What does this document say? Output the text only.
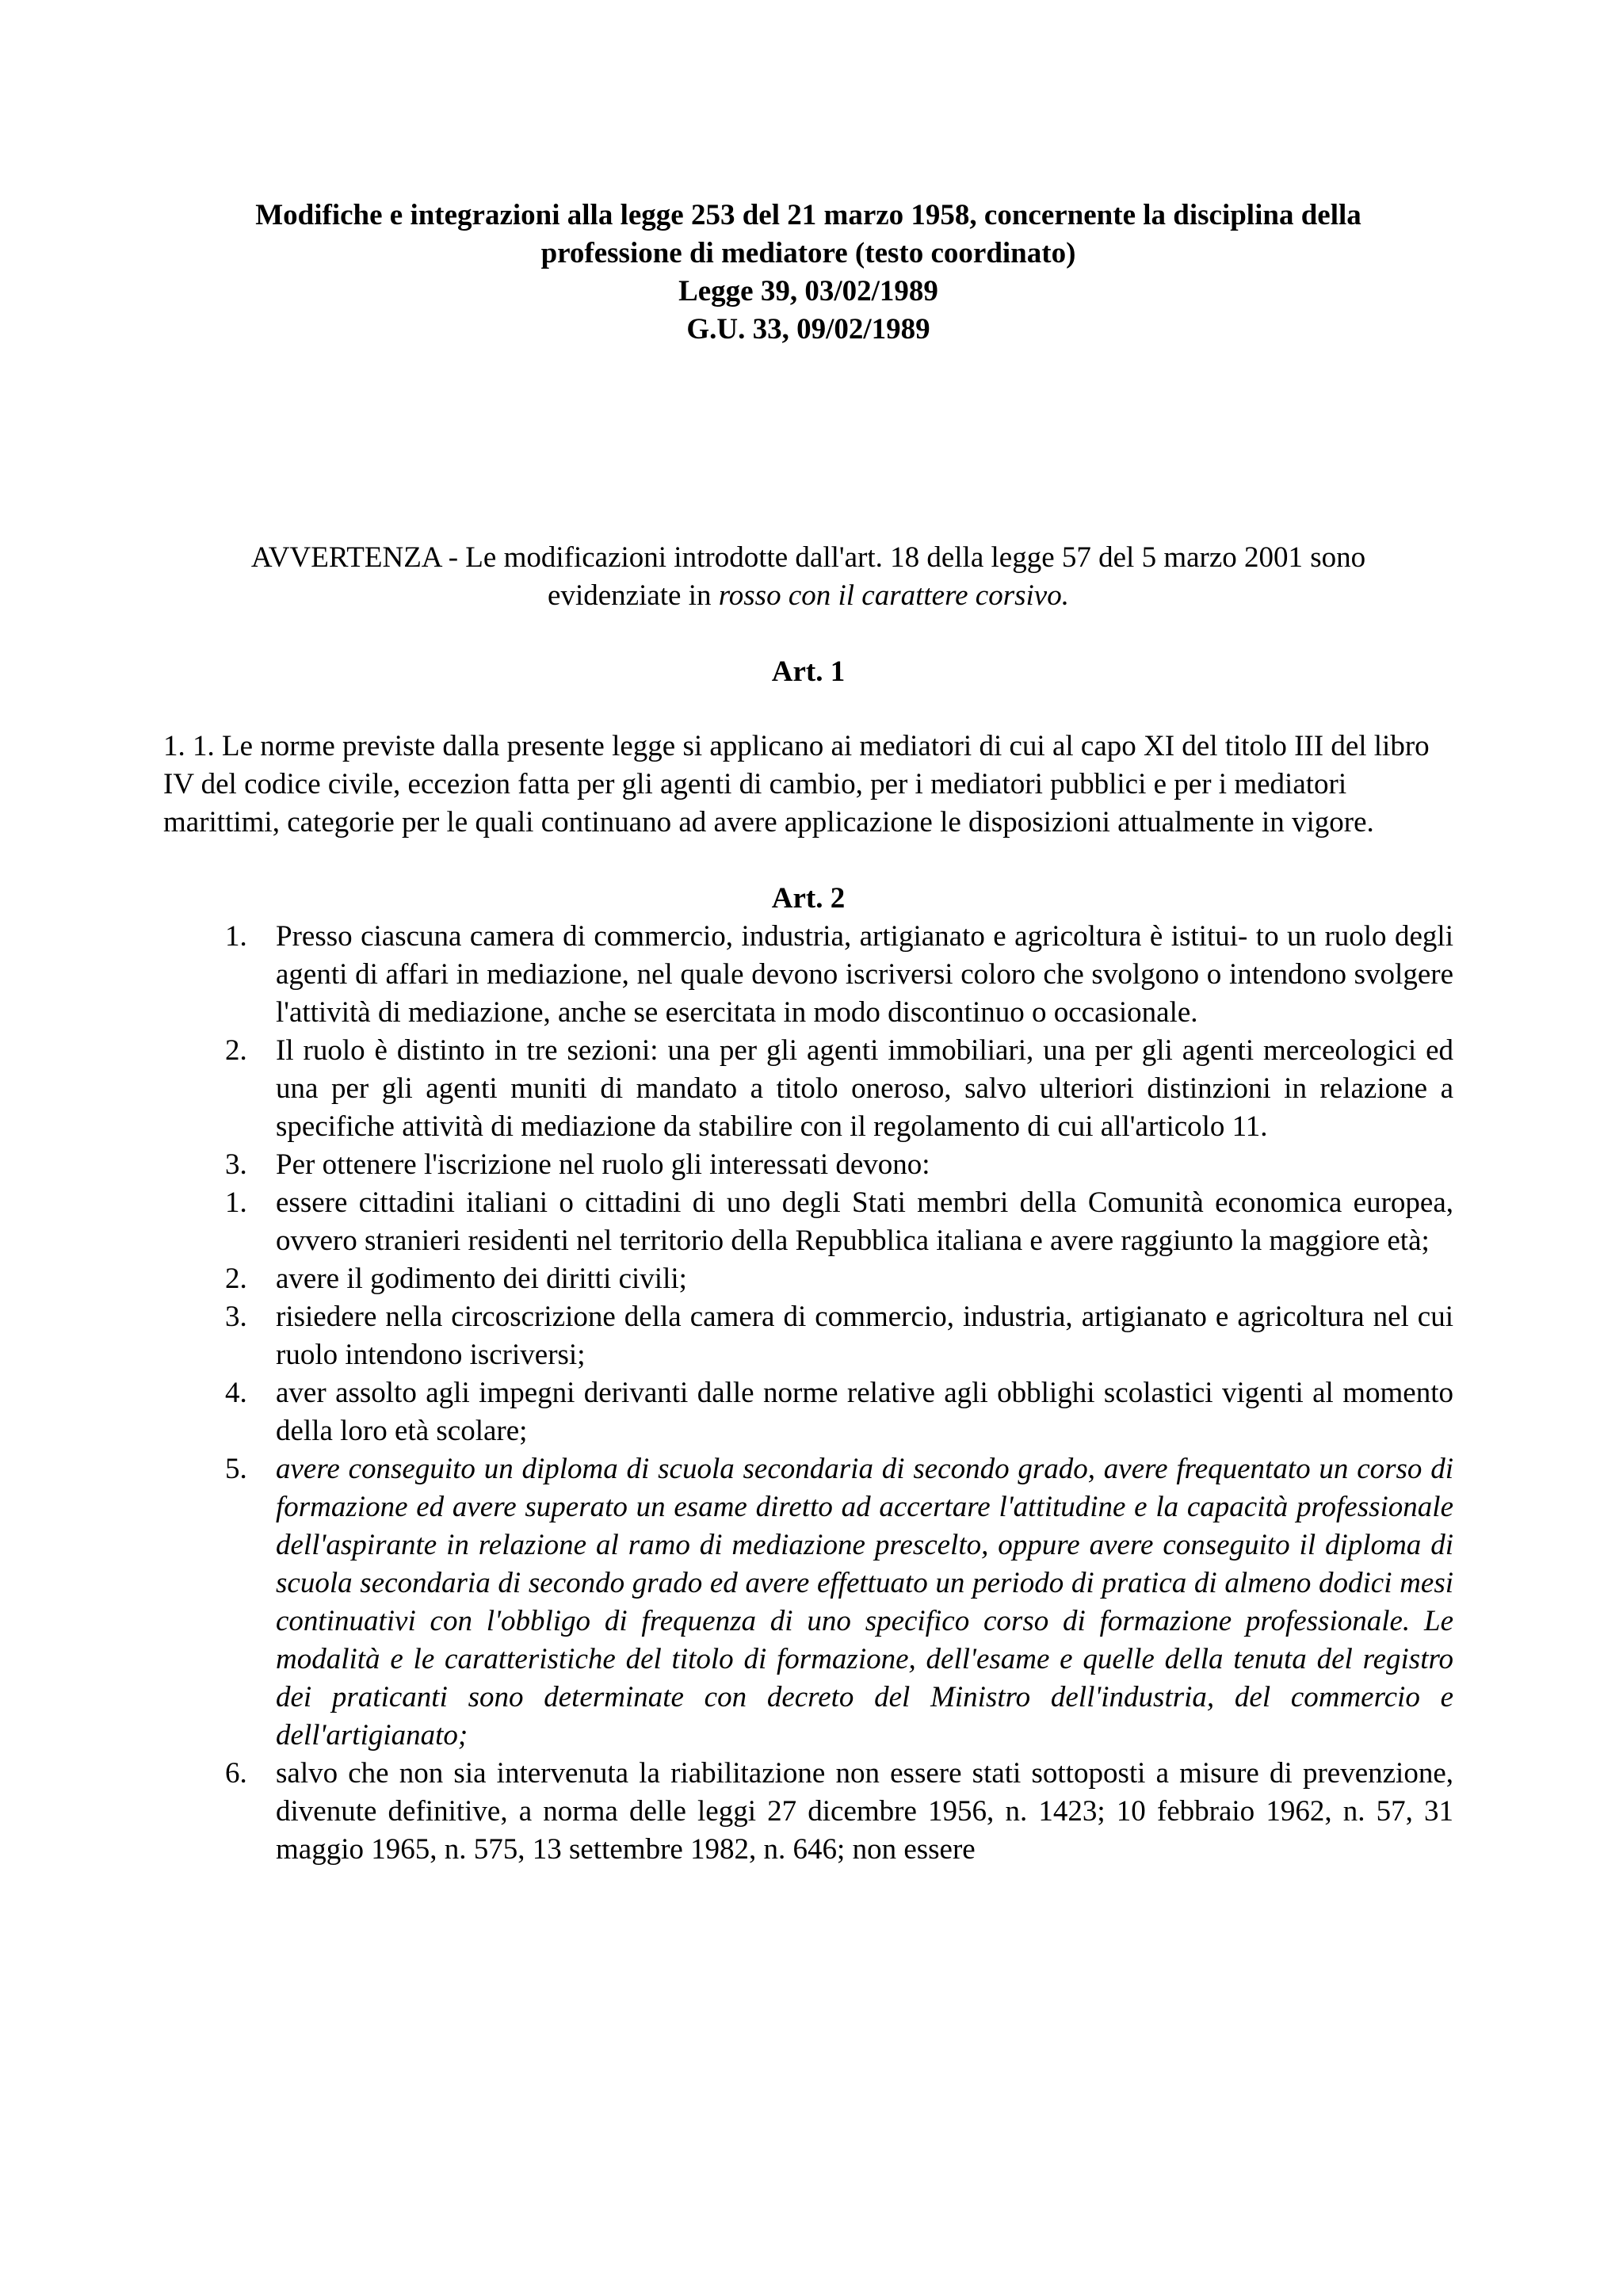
Modifiche e integrazioni alla legge 253 del 21 marzo 1958, concernente la disciplina della
professione di mediatore (testo coordinato)
Legge 39, 03/02/1989
G.U. 33, 09/02/1989
AVVERTENZA - Le modificazioni introdotte dall'art. 18 della legge 57 del 5 marzo 2001 sono
evidenziate in rosso con il carattere corsivo.
Art. 1
1. 1. Le norme previste dalla presente legge si applicano ai mediatori di cui al capo XI del titolo III del libro IV del codice civile, eccezion fatta per gli agenti di cambio, per i mediatori pubblici e per i mediatori marittimi, categorie per le quali continuano ad avere applicazione le disposizioni attualmente in vigore.
Art. 2
1. Presso ciascuna camera di commercio, industria, artigianato e agricoltura è istitui- to un ruolo degli agenti di affari in mediazione, nel quale devono iscriversi coloro che svolgono o intendono svolgere l'attività di mediazione, anche se esercitata in modo discontinuo o occasionale.
2. Il ruolo è distinto in tre sezioni: una per gli agenti immobiliari, una per gli agenti merceologici ed una per gli agenti muniti di mandato a titolo oneroso, salvo ulteriori distinzioni in relazione a specifiche attività di mediazione da stabilire con il regolamento di cui all'articolo 11.
3. Per ottenere l'iscrizione nel ruolo gli interessati devono:
1. essere cittadini italiani o cittadini di uno degli Stati membri della Comunità economica europea, ovvero stranieri residenti nel territorio della Repubblica italiana e avere raggiunto la maggiore età;
2. avere il godimento dei diritti civili;
3. risiedere nella circoscrizione della camera di commercio, industria, artigianato e agricoltura nel cui ruolo intendono iscriversi;
4. aver assolto agli impegni derivanti dalle norme relative agli obblighi scolastici vigenti al momento della loro età scolare;
5. avere conseguito un diploma di scuola secondaria di secondo grado, avere frequentato un corso di formazione ed avere superato un esame diretto ad accertare l'attitudine e la capacità professionale dell'aspirante in relazione al ramo di mediazione prescelto, oppure avere conseguito il diploma di scuola secondaria di secondo grado ed avere effettuato un periodo di pratica di almeno dodici mesi continuativi con l'obbligo di frequenza di uno specifico corso di formazione professionale. Le modalità e le caratteristiche del titolo di formazione, dell'esame e quelle della tenuta del registro dei praticanti sono determinate con decreto del Ministro dell'industria, del commercio e dell'artigianato;
6. salvo che non sia intervenuta la riabilitazione non essere stati sottoposti a misure di prevenzione, divenute definitive, a norma delle leggi 27 dicembre 1956, n. 1423; 10 febbraio 1962, n. 57, 31 maggio 1965, n. 575, 13 settembre 1982, n. 646; non essere
